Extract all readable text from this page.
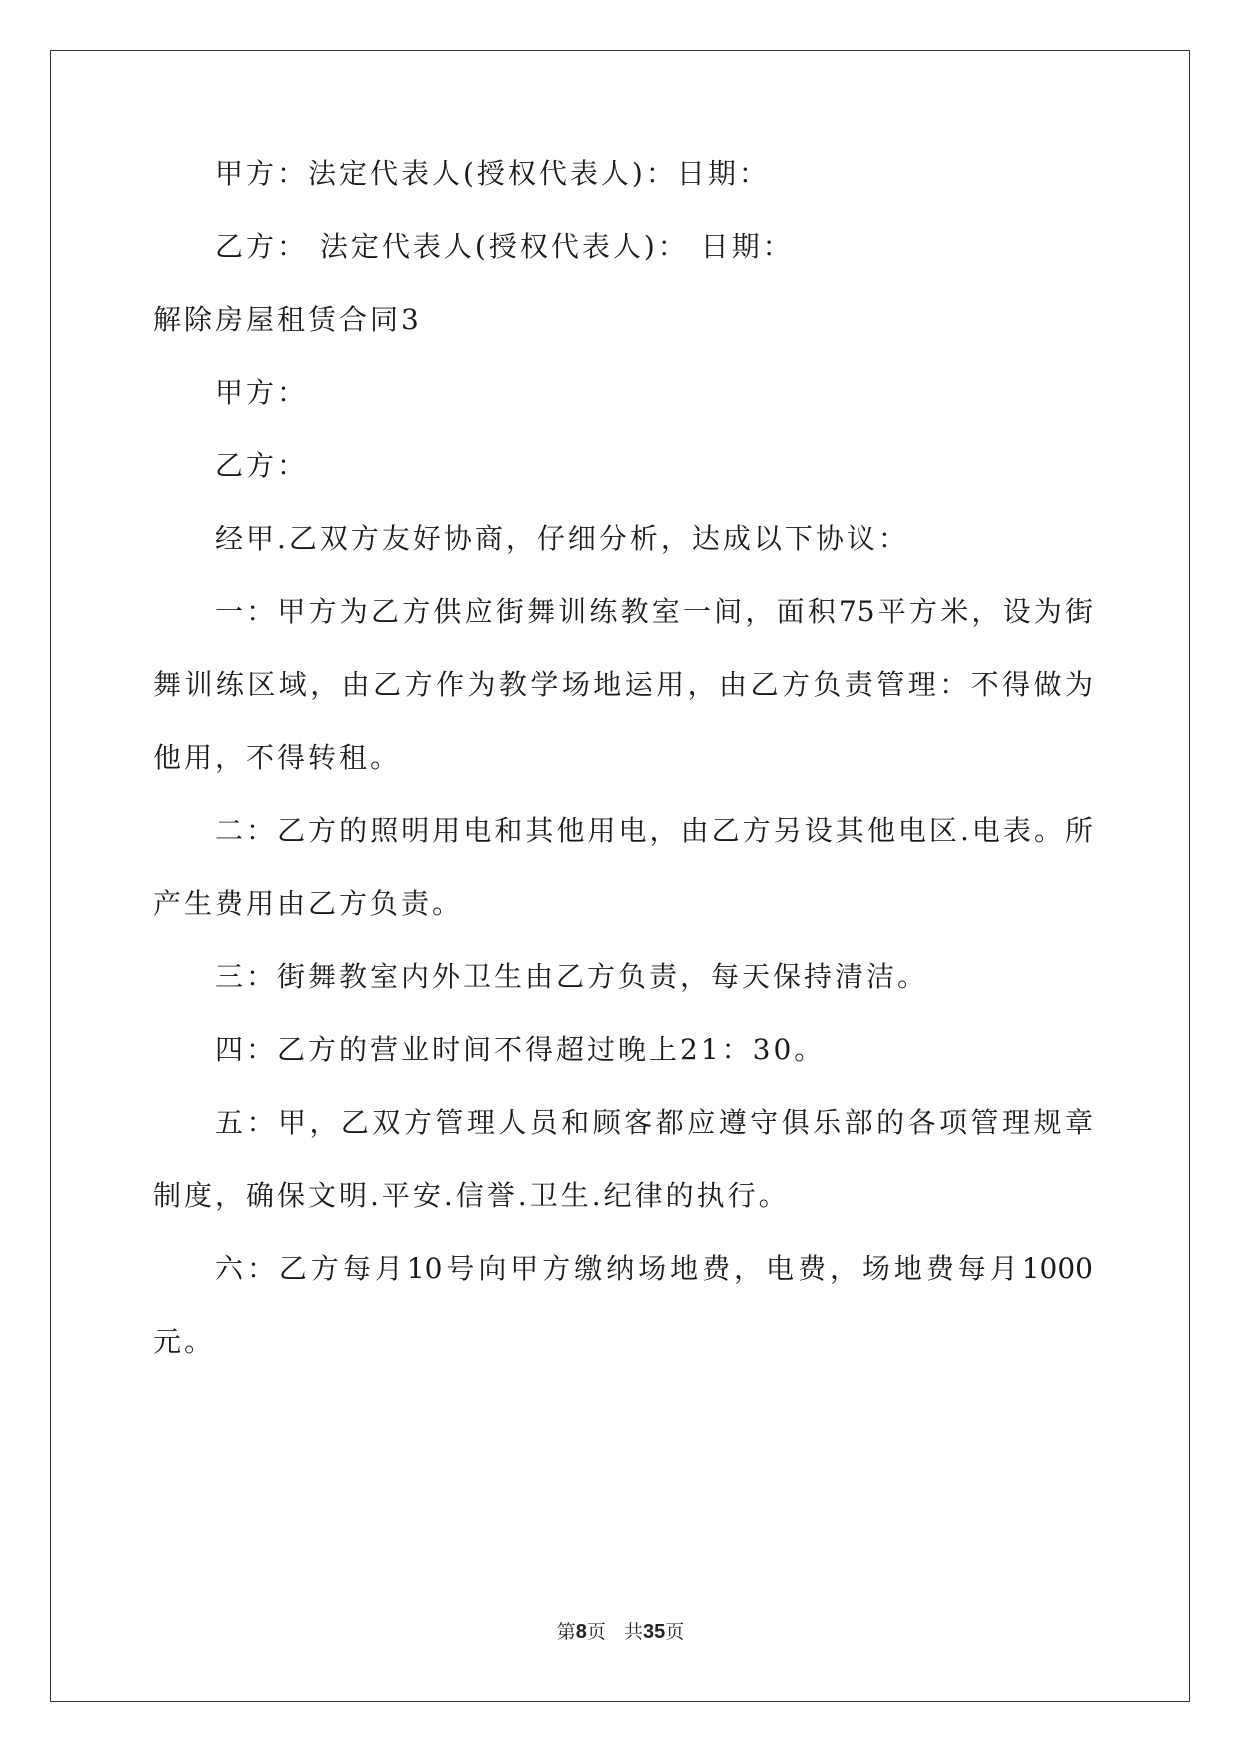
甲方：法定代表人(授权代表人)：日期：
乙方： 法定代表人(授权代表人)： 日期：
解除房屋租赁合同3
甲方：
乙方：
经甲.乙双方友好协商，仔细分析，达成以下协议：
一：甲方为乙方供应街舞训练教室一间，面积75平方米，设为街
舞训练区域，由乙方作为教学场地运用，由乙方负责管理：不得做为
他用，不得转租。
二：乙方的照明用电和其他用电，由乙方另设其他电区.电表。所
产生费用由乙方负责。
三：街舞教室内外卫生由乙方负责，每天保持清洁。
四：乙方的营业时间不得超过晚上21：30。
五：甲，乙双方管理人员和顾客都应遵守俱乐部的各项管理规章
制度，确保文明.平安.信誉.卫生.纪律的执行。
六：乙方每月10号向甲方缴纳场地费，电费，场地费每月1000
元。
第8页 共35页
